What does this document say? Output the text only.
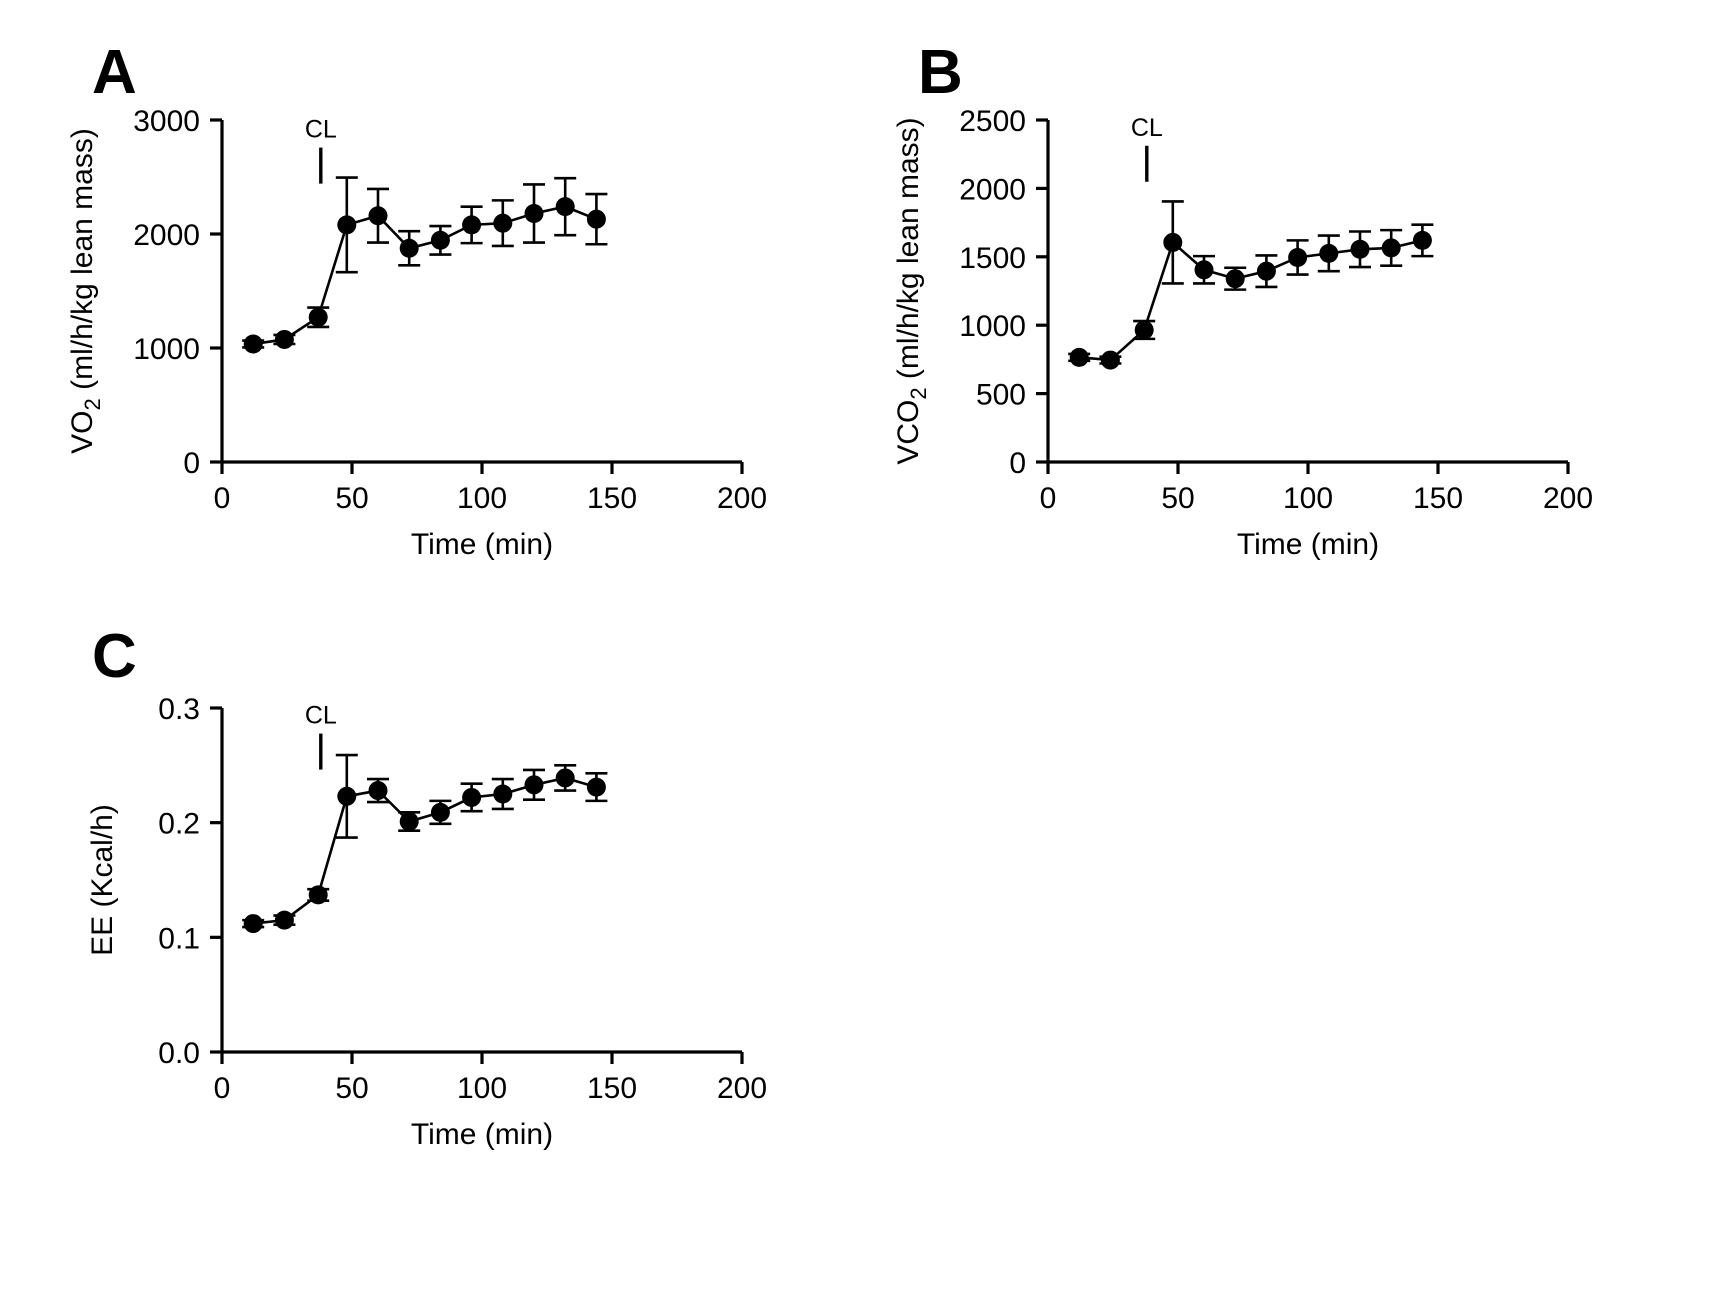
A
0	50	100	150	200
0
1000
2000
3000	CL
Time (min)
$VO_2$ (ml/h/kg lean mass)
B
0	50	100	150	200
0
500
1000
1500
2000
2500	CL
Time (min)
$VCO_2$ (ml/h/kg lean mass)
C
0	50	100	150	200
0.0
0.1
0.2
0.3	CL
Time (min)
EE (Kcal/h)
